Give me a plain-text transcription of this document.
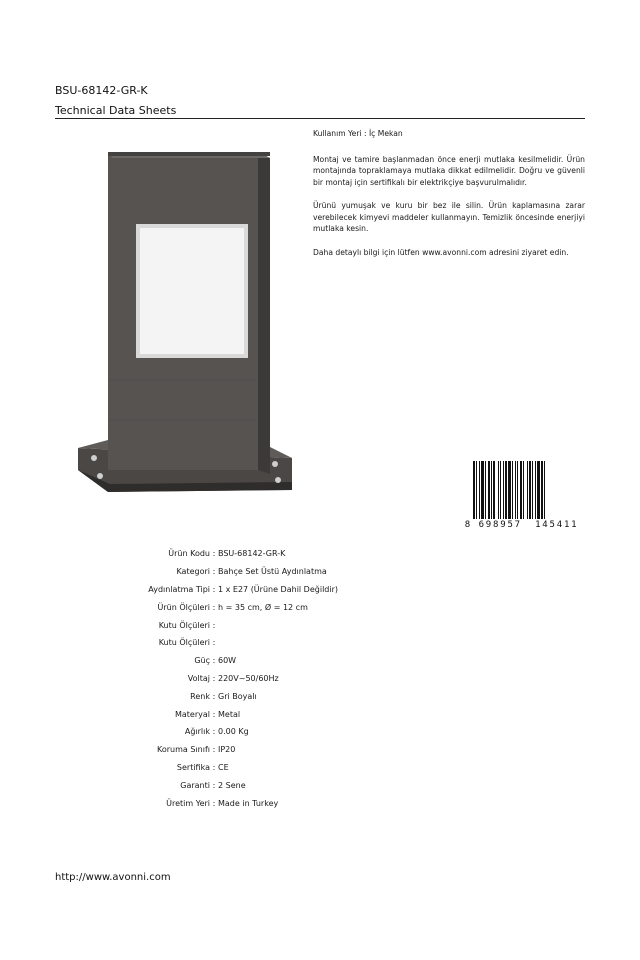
BSU-68142-GR-K
Technical Data Sheets

Kullanım Yeri : İç Mekan

Montaj ve tamire başlanmadan önce enerji mutlaka kesilmelidir. Ürün montajında topraklamaya mutlaka dikkat edilmelidir. Doğru ve güvenli bir montaj için sertifikalı bir elektrikçiye başvurulmalıdır.

Ürünü yumuşak ve kuru bir bez ile silin. Ürün kaplamasına zarar verebilecek kimyevi maddeler kullanmayın. Temizlik öncesinde enerjiyi mutlaka kesin.

Daha detaylı bilgi için lütfen www.avonni.com adresini ziyaret edin.

8 698957	145411
Ürün Kodu : BSU-68142-GR-K
Kategori : Bahçe Set Üstü Aydınlatma
Aydınlatma Tipi : 1 x E27 (Ürüne Dahil Değildir)
Ürün Ölçüleri : h = 35 cm, Ø = 12 cm
Kutu Ölçüleri :
Kutu Ölçüleri :
Güç : 60W
Voltaj : 220V~50/60Hz
Renk : Gri Boyalı
Materyal : Metal
Ağırlık : 0.00 Kg
Koruma Sınıfı : IP20
Sertifika : CE
Garanti : 2 Sene
Üretim Yeri : Made in Turkey
http://www.avonni.com
